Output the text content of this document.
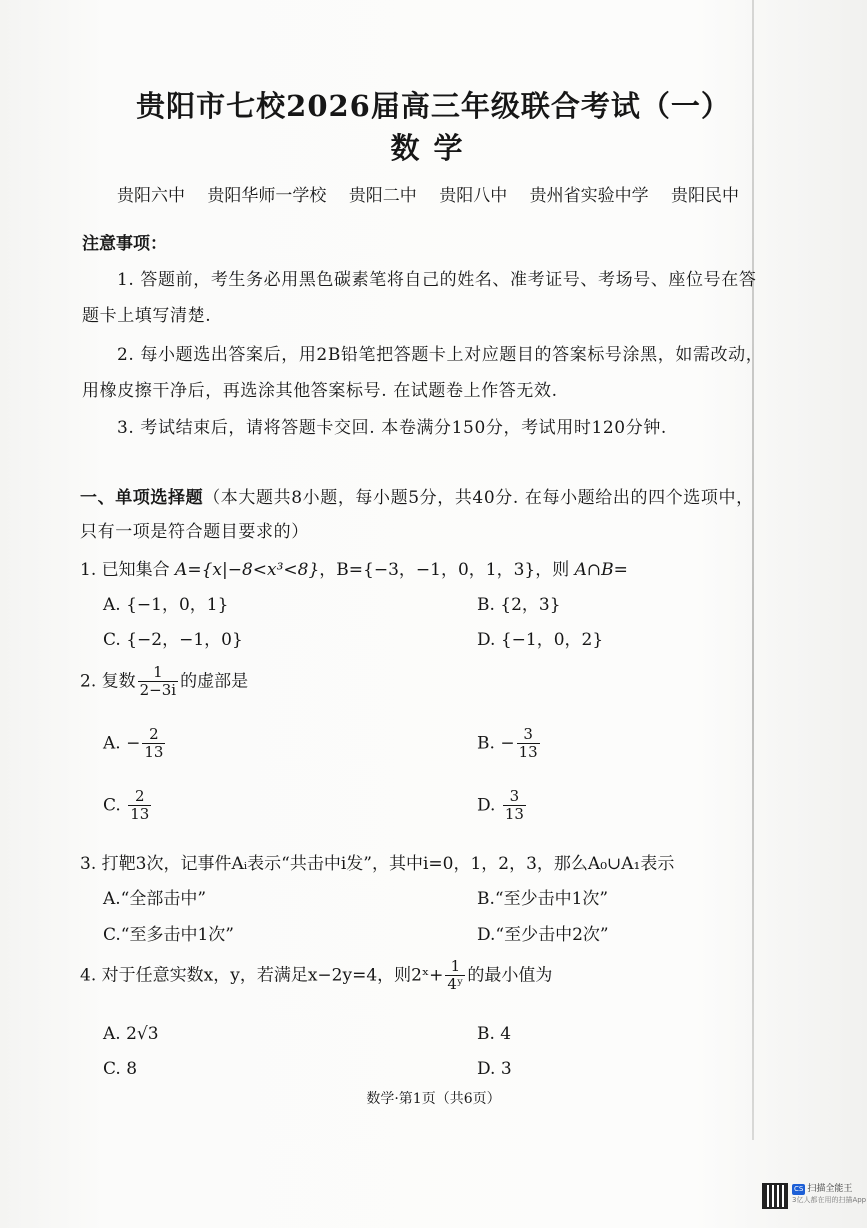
贵阳市七校2026届高三年级联合考试（一）
数学
贵阳六中 贵阳华师一学校 贵阳二中 贵阳八中 贵州省实验中学 贵阳民中
注意事项：
1. 答题前，考生务必用黑色碳素笔将自己的姓名、准考证号、考场号、座位号在答
题卡上填写清楚.
2. 每小题选出答案后，用2B铅笔把答题卡上对应题目的答案标号涂黑，如需改动，
用橡皮擦干净后，再选涂其他答案标号. 在试题卷上作答无效.
3. 考试结束后，请将答题卡交回. 本卷满分150分，考试用时120分钟.
一、单项选择题（本大题共8小题，每小题5分，共40分. 在每小题给出的四个选项中，
只有一项是符合题目要求的）
1. 已知集合 A={x|−8<x³<8}，B={−3，−1，0，1，3}，则 A∩B=
A. {−1，0，1}	B. {2，3}
C. {−2，−1，0}	D. {−1，0，2}
2. 复数 $\frac{1}{2-3i}$ 的虚部是
A. − $\frac{2}{13}$	B. − $\frac{3}{13}$
C. $\frac{2}{13}$	D. $\frac{3}{13}$
3. 打靶3次，记事件Aᵢ表示“共击中i发”，其中i=0，1，2，3，那么A₀∪A₁表示
A.“全部击中”	B.“至少击中1次”
C.“至多击中1次”	D.“至少击中2次”
4. 对于任意实数x，y，若满足x−2y=4，则2ˣ+ $\frac{1}{\text{4ʸ}}$ 的最小值为
A. 2√3	B. 4
C. 8	D. 3
数学·第1页（共6页）
CS 扫描全能王
3亿人都在用的扫描App
